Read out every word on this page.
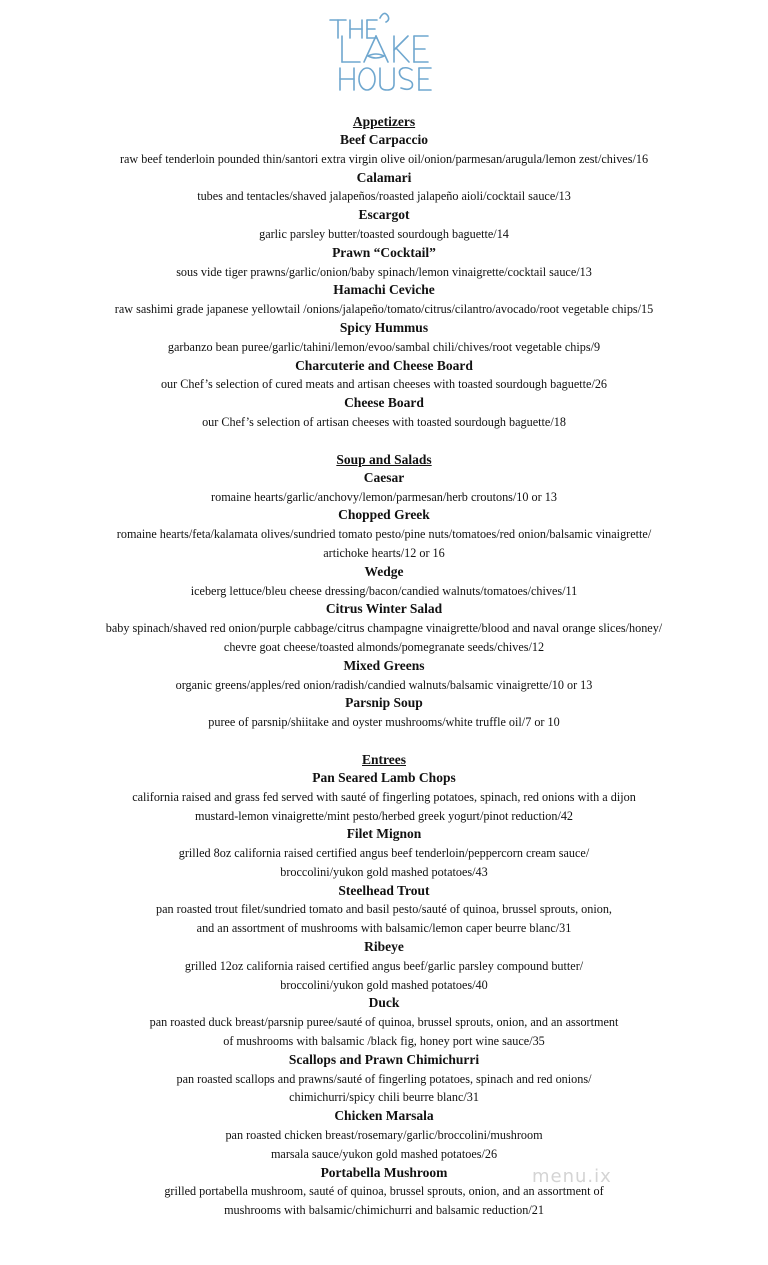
Appetizers
Beef Carpaccio
raw beef tenderloin pounded thin/santori extra virgin olive oil/onion/parmesan/arugula/lemon zest/chives/16
Calamari
tubes and tentacles/shaved jalapeños/roasted jalapeño aioli/cocktail sauce/13
Escargot
garlic parsley butter/toasted sourdough baguette/14
Prawn “Cocktail”
sous vide tiger prawns/garlic/onion/baby spinach/lemon vinaigrette/cocktail sauce/13
Hamachi Ceviche
raw sashimi grade japanese yellowtail /onions/jalapeño/tomato/citrus/cilantro/avocado/root vegetable chips/15
Spicy Hummus
garbanzo bean puree/garlic/tahini/lemon/evoo/sambal chili/chives/root vegetable chips/9
Charcuterie and Cheese Board
our Chef’s selection of cured meats and artisan cheeses with toasted sourdough baguette/26
Cheese Board
our Chef’s selection of artisan cheeses with toasted sourdough baguette/18
Soup and Salads
Caesar
romaine hearts/garlic/anchovy/lemon/parmesan/herb croutons/10 or 13
Chopped Greek
romaine hearts/feta/kalamata olives/sundried tomato pesto/pine nuts/tomatoes/red onion/balsamic vinaigrette/
artichoke hearts/12 or 16
Wedge
iceberg lettuce/bleu cheese dressing/bacon/candied walnuts/tomatoes/chives/11
Citrus Winter Salad
baby spinach/shaved red onion/purple cabbage/citrus champagne vinaigrette/blood and naval orange slices/honey/
chevre goat cheese/toasted almonds/pomegranate seeds/chives/12
Mixed Greens
organic greens/apples/red onion/radish/candied walnuts/balsamic vinaigrette/10 or 13
Parsnip Soup
puree of parsnip/shiitake and oyster mushrooms/white truffle oil/7 or 10
Entrees
Pan Seared Lamb Chops
california raised and grass fed served with sauté of fingerling potatoes, spinach, red onions with a dijon
mustard-lemon vinaigrette/mint pesto/herbed greek yogurt/pinot reduction/42
Filet Mignon
grilled 8oz california raised certified angus beef tenderloin/peppercorn cream sauce/
broccolini/yukon gold mashed potatoes/43
Steelhead Trout
pan roasted trout filet/sundried tomato and basil pesto/sauté of quinoa, brussel sprouts, onion,
and an assortment of mushrooms with balsamic/lemon caper beurre blanc/31
Ribeye
grilled 12oz california raised certified angus beef/garlic parsley compound butter/
broccolini/yukon gold mashed potatoes/40
Duck
pan roasted duck breast/parsnip puree/sauté of quinoa, brussel sprouts, onion, and an assortment
of mushrooms with balsamic /black fig, honey port wine sauce/35
Scallops and Prawn Chimichurri
pan roasted scallops and prawns/sauté of fingerling potatoes, spinach and red onions/
chimichurri/spicy chili beurre blanc/31
Chicken Marsala
pan roasted chicken breast/rosemary/garlic/broccolini/mushroom
marsala sauce/yukon gold mashed potatoes/26
Portabella Mushroom
grilled portabella mushroom, sauté of quinoa, brussel sprouts, onion, and an assortment of
mushrooms with balsamic/chimichurri and balsamic reduction/21
menu.ix
